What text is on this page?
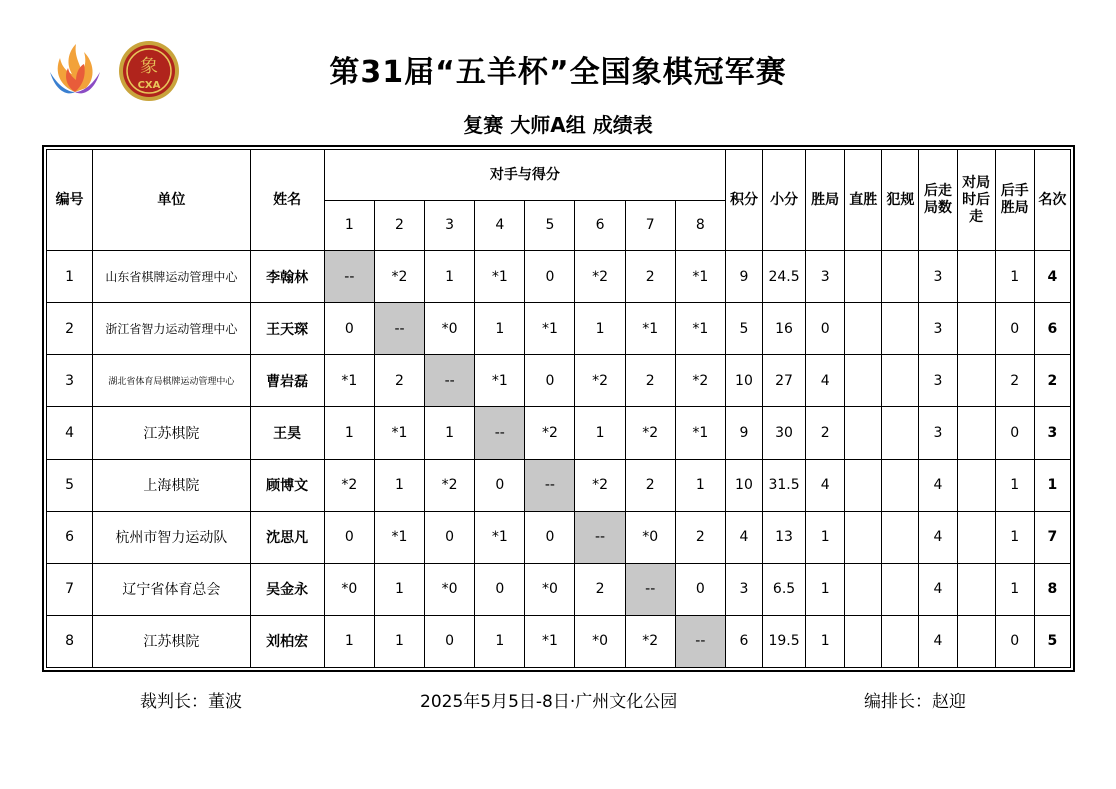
象
CXA	第31届“五羊杯”全国象棋冠军赛
复赛 大师A组 成绩表
编号	单位	姓名	对手与得分								积分	小分	胜局	直胜	犯规	后走局数	对局时后走	后手胜局	名次
			1	2	3	4	5	6	7	8									
1	山东省棋牌运动管理中心	李翰林	--	*2	1	*1	0	*2	2	*1	9	24.5	3			3		1	4
2	浙江省智力运动管理中心	王天琛	0	--	*0	1	*1	1	*1	*1	5	16	0			3		0	6
3	湖北省体育局棋牌运动管理中心	曹岩磊	*1	2	--	*1	0	*2	2	*2	10	27	4			3		2	2
4	江苏棋院	王昊	1	*1	1	--	*2	1	*2	*1	9	30	2			3		0	3
5	上海棋院	顾博文	*2	1	*2	0	--	*2	2	1	10	31.5	4			4		1	1
6	杭州市智力运动队	沈思凡	0	*1	0	*1	0	--	*0	2	4	13	1			4		1	7
7	辽宁省体育总会	吴金永	*0	1	*0	0	*0	2	--	0	3	6.5	1			4		1	8
8	江苏棋院	刘柏宏	1	1	0	1	*1	*0	*2	--	6	19.5	1			4		0	5
裁判长：董波	2025年5月5日-8日·广州文化公园	编排长：赵迎
